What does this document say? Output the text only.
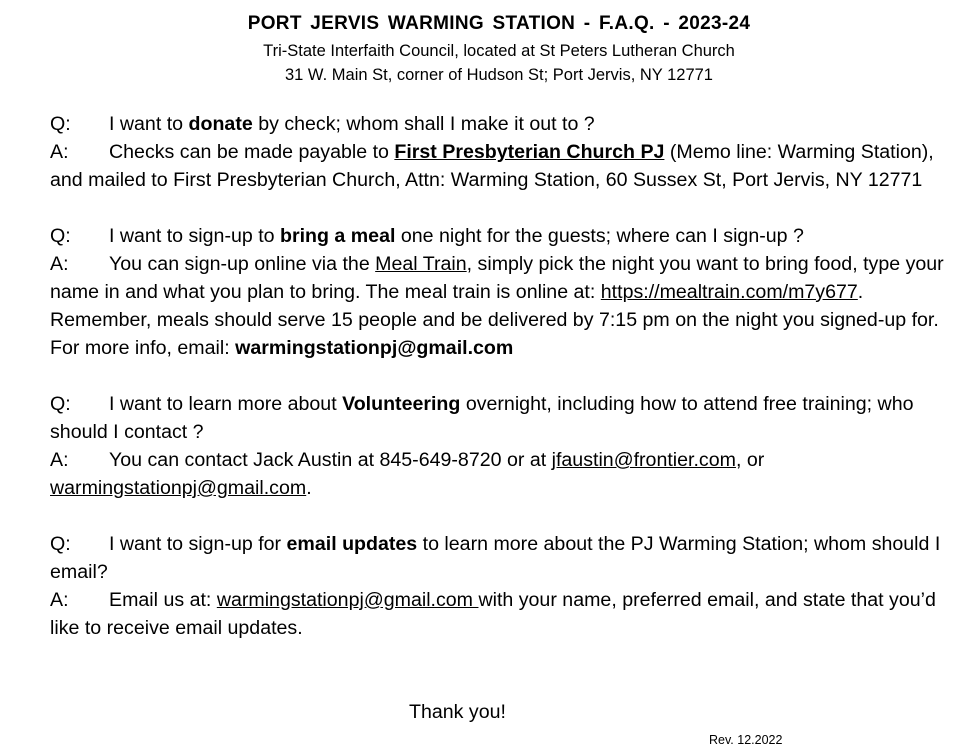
PORT JERVIS WARMING STATION - F.A.Q. - 2023-24
Tri-State Interfaith Council, located at St Peters Lutheran Church
31 W. Main St, corner of Hudson St; Port Jervis, NY 12771

Q: I want to donate by check; whom shall I make it out to ?

A: Checks can be made payable to First Presbyterian Church PJ (Memo line: Warming Station), and mailed to First Presbyterian Church, Attn: Warming Station, 60 Sussex St, Port Jervis, NY 12771

Q: I want to sign-up to bring a meal one night for the guests; where can I sign-up ?

A: You can sign-up online via the Meal Train, simply pick the night you want to bring food, type your name in and what you plan to bring. The meal train is online at: https://mealtrain.com/m7y677. Remember, meals should serve 15 people and be delivered by 7:15 pm on the night you signed-up for. For more info, email: warmingstationpj@gmail.com

Q: I want to learn more about Volunteering overnight, including how to attend free training; who should I contact ?

A: You can contact Jack Austin at 845-649-8720 or at jfaustin@frontier.com, or warmingstationpj@gmail.com.

Q: I want to sign-up for email updates to learn more about the PJ Warming Station; whom should I email?

A: Email us at: warmingstationpj@gmail.com with your name, preferred email, and state that you’d like to receive email updates.

Thank you!
Rev. 12.2022
